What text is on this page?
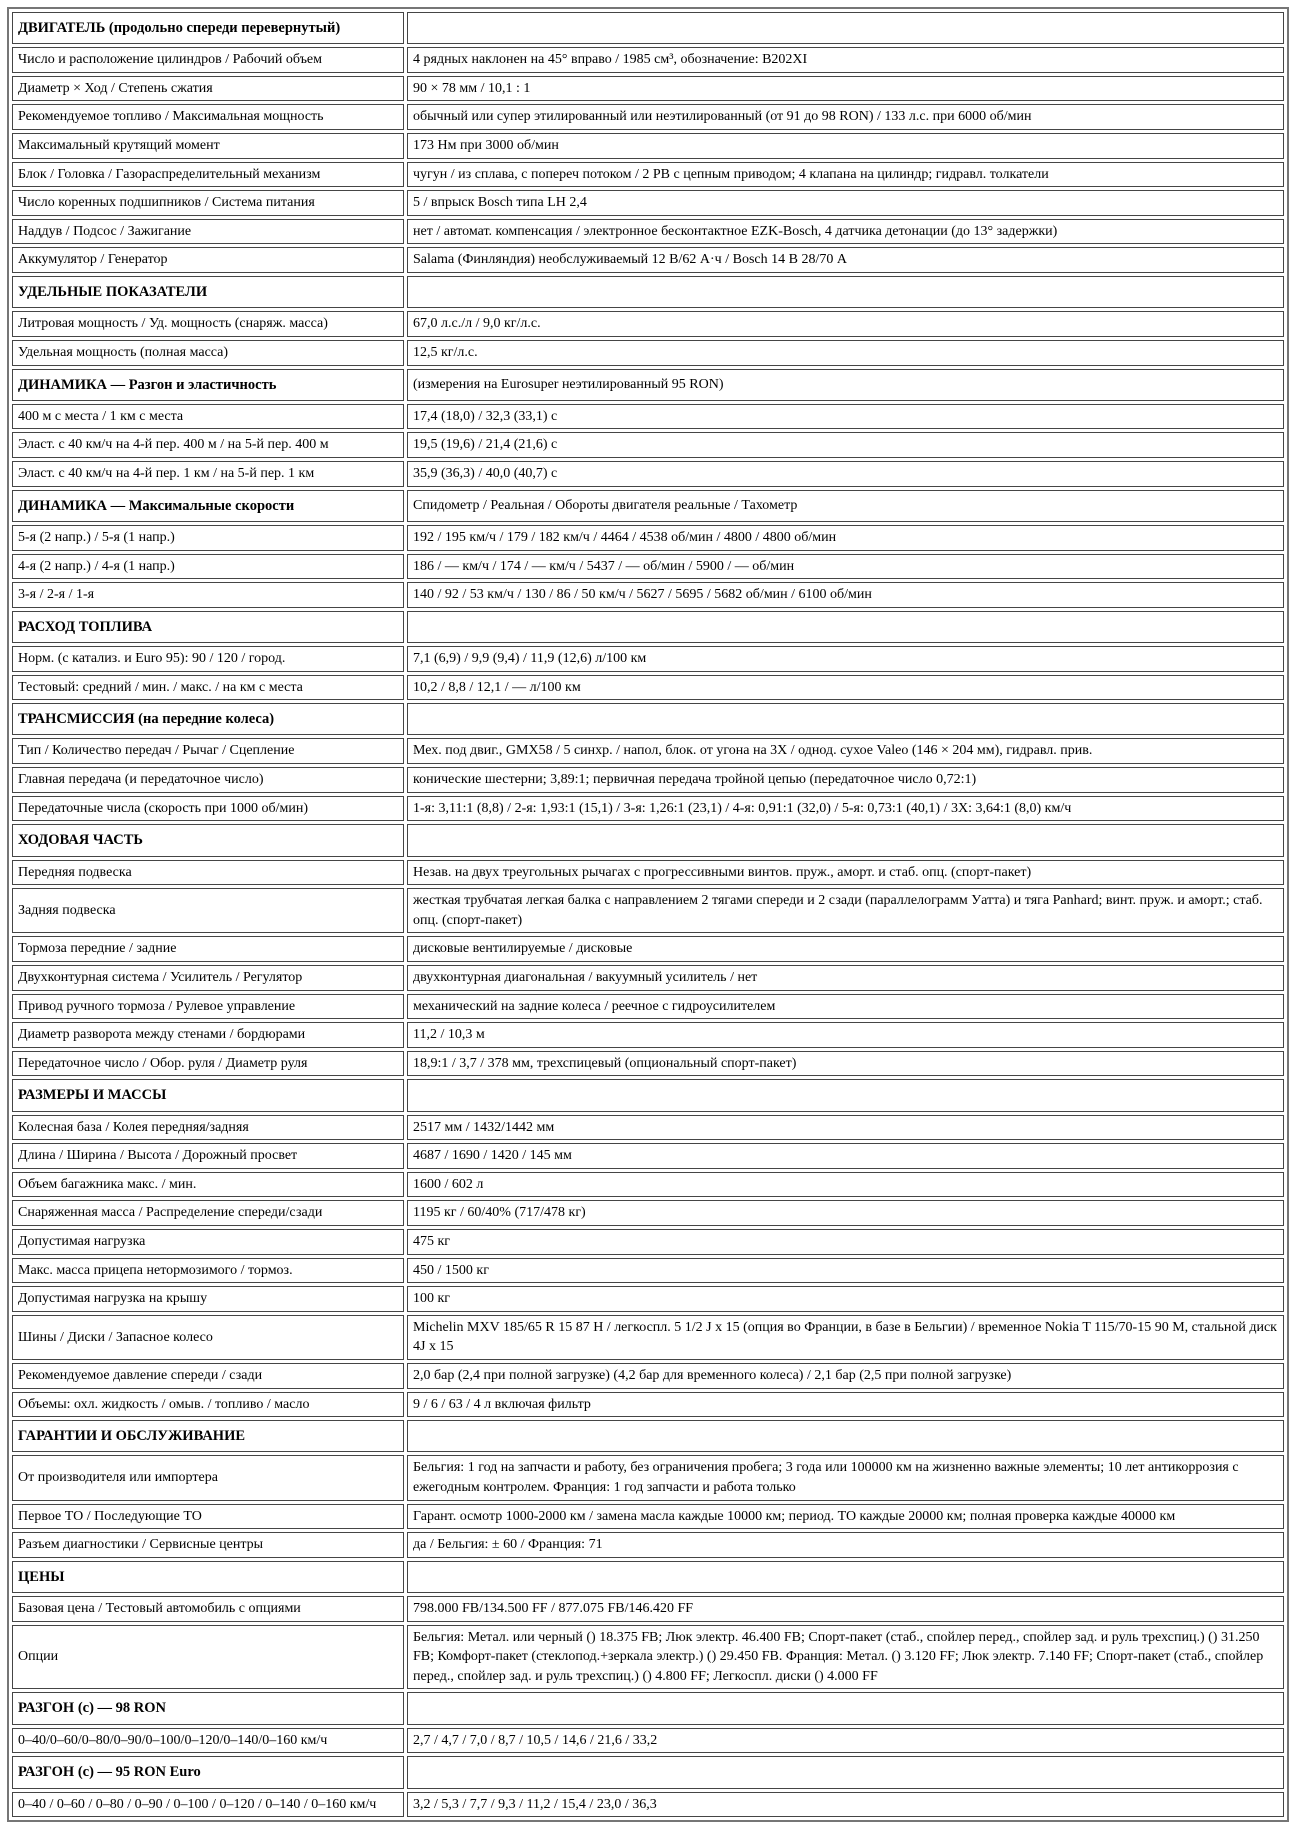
ДВИГАТЕЛЬ (продольно спереди перевернутый)	
Число и расположение цилиндров / Рабочий объем	4 рядных наклонен на 45° вправо / 1985 см³, обозначение: B202XI
Диаметр × Ход / Степень сжатия	90 × 78 мм / 10,1 : 1
Рекомендуемое топливо / Максимальная мощность	обычный или супер этилированный или неэтилированный (от 91 до 98 RON) / 133 л.с. при 6000 об/мин
Максимальный крутящий момент	173 Нм при 3000 об/мин
Блок / Головка / Газораспределительный механизм	чугун / из сплава, с попереч потоком / 2 РВ с цепным приводом; 4 клапана на цилиндр; гидравл. толкатели
Число коренных подшипников / Система питания	5 / впрыск Bosch типа LH 2,4
Наддув / Подсос / Зажигание	нет / автомат. компенсация / электронное бесконтактное EZK-Bosch, 4 датчика детонации (до 13° задержки)
Аккумулятор / Генератор	Salama (Финляндия) необслуживаемый 12 В/62 А·ч / Bosch 14 В 28/70 А
УДЕЛЬНЫЕ ПОКАЗАТЕЛИ	
Литровая мощность / Уд. мощность (снаряж. масса)	67,0 л.с./л / 9,0 кг/л.с.
Удельная мощность (полная масса)	12,5 кг/л.с.
ДИНАМИКА — Разгон и эластичность	(измерения на Eurosuper неэтилированный 95 RON)
400 м с места / 1 км с места	17,4 (18,0) / 32,3 (33,1) с
Эласт. с 40 км/ч на 4-й пер. 400 м / на 5-й пер. 400 м	19,5 (19,6) / 21,4 (21,6) с
Эласт. с 40 км/ч на 4-й пер. 1 км / на 5-й пер. 1 км	35,9 (36,3) / 40,0 (40,7) с
ДИНАМИКА — Максимальные скорости	Спидометр / Реальная / Обороты двигателя реальные / Тахометр
5-я (2 напр.) / 5-я (1 напр.)	192 / 195 км/ч / 179 / 182 км/ч / 4464 / 4538 об/мин / 4800 / 4800 об/мин
4-я (2 напр.) / 4-я (1 напр.)	186 / — км/ч / 174 / — км/ч / 5437 / — об/мин / 5900 / — об/мин
3-я / 2-я / 1-я	140 / 92 / 53 км/ч / 130 / 86 / 50 км/ч / 5627 / 5695 / 5682 об/мин / 6100 об/мин
РАСХОД ТОПЛИВА	
Норм. (с катализ. и Euro 95): 90 / 120 / город.	7,1 (6,9) / 9,9 (9,4) / 11,9 (12,6) л/100 км
Тестовый: средний / мин. / макс. / на км с места	10,2 / 8,8 / 12,1 / — л/100 км
ТРАНСМИССИЯ (на передние колеса)	
Тип / Количество передач / Рычаг / Сцепление	Мех. под двиг., GMX58 / 5 синхр. / напол, блок. от угона на 3Х / однод. сухое Valeo (146 × 204 мм), гидравл. прив.
Главная передача (и передаточное число)	конические шестерни; 3,89:1; первичная передача тройной цепью (передаточное число 0,72:1)
Передаточные числа (скорость при 1000 об/мин)	1-я: 3,11:1 (8,8) / 2-я: 1,93:1 (15,1) / 3-я: 1,26:1 (23,1) / 4-я: 0,91:1 (32,0) / 5-я: 0,73:1 (40,1) / 3Х: 3,64:1 (8,0) км/ч
ХОДОВАЯ ЧАСТЬ	
Передняя подвеска	Незав. на двух треугольных рычагах с прогрессивными винтов. пруж., аморт. и стаб. опц. (спорт-пакет)
Задняя подвеска	жесткая трубчатая легкая балка с направлением 2 тягами спереди и 2 сзади (параллелограмм Уатта) и тяга Panhard; винт. пруж. и аморт.; стаб. опц. (спорт-пакет)
Тормоза передние / задние	дисковые вентилируемые / дисковые
Двухконтурная система / Усилитель / Регулятор	двухконтурная диагональная / вакуумный усилитель / нет
Привод ручного тормоза / Рулевое управление	механический на задние колеса / реечное с гидроусилителем
Диаметр разворота между стенами / бордюрами	11,2 / 10,3 м
Передаточное число / Обор. руля / Диаметр руля	18,9:1 / 3,7 / 378 мм, трехспицевый (опциональный спорт-пакет)
РАЗМЕРЫ И МАССЫ	
Колесная база / Колея передняя/задняя	2517 мм / 1432/1442 мм
Длина / Ширина / Высота / Дорожный просвет	4687 / 1690 / 1420 / 145 мм
Объем багажника макс. / мин.	1600 / 602 л
Снаряженная масса / Распределение спереди/сзади	1195 кг / 60/40% (717/478 кг)
Допустимая нагрузка	475 кг
Макс. масса прицепа нетормозимого / тормоз.	450 / 1500 кг
Допустимая нагрузка на крышу	100 кг
Шины / Диски / Запасное колесо	Michelin MXV 185/65 R 15 87 H / легкоспл. 5 1/2 J x 15 (опция во Франции, в базе в Бельгии) / временное Nokia T 115/70-15 90 M, стальной диск 4J x 15
Рекомендуемое давление спереди / сзади	2,0 бар (2,4 при полной загрузке) (4,2 бар для временного колеса) / 2,1 бар (2,5 при полной загрузке)
Объемы: охл. жидкость / омыв. / топливо / масло	9 / 6 / 63 / 4 л включая фильтр
ГАРАНТИИ И ОБСЛУЖИВАНИЕ	
От производителя или импортера	Бельгия: 1 год на запчасти и работу, без ограничения пробега; 3 года или 100000 км на жизненно важные элементы; 10 лет антикоррозия с ежегодным контролем. Франция: 1 год запчасти и работа только
Первое ТО / Последующие ТО	Гарант. осмотр 1000-2000 км / замена масла каждые 10000 км; период. ТО каждые 20000 км; полная проверка каждые 40000 км
Разъем диагностики / Сервисные центры	да / Бельгия: ± 60 / Франция: 71
ЦЕНЫ	
Базовая цена / Тестовый автомобиль с опциями	798.000 FB/134.500 FF / 877.075 FB/146.420 FF
Опции	Бельгия: Метал. или черный () 18.375 FB; Люк электр. 46.400 FB; Спорт-пакет (стаб., спойлер перед., спойлер зад. и руль трехспиц.) () 31.250 FB; Комфорт-пакет (стеклопод.+зеркала электр.) () 29.450 FB. Франция: Метал. () 3.120 FF; Люк электр. 7.140 FF; Спорт-пакет (стаб., спойлер перед., спойлер зад. и руль трехспиц.) () 4.800 FF; Легкоспл. диски () 4.000 FF
РАЗГОН (с) — 98 RON	
0–40/0–60/0–80/0–90/0–100/0–120/0–140/0–160 км/ч	2,7 / 4,7 / 7,0 / 8,7 / 10,5 / 14,6 / 21,6 / 33,2
РАЗГОН (с) — 95 RON Euro	
0–40 / 0–60 / 0–80 / 0–90 / 0–100 / 0–120 / 0–140 / 0–160 км/ч	3,2 / 5,3 / 7,7 / 9,3 / 11,2 / 15,4 / 23,0 / 36,3
